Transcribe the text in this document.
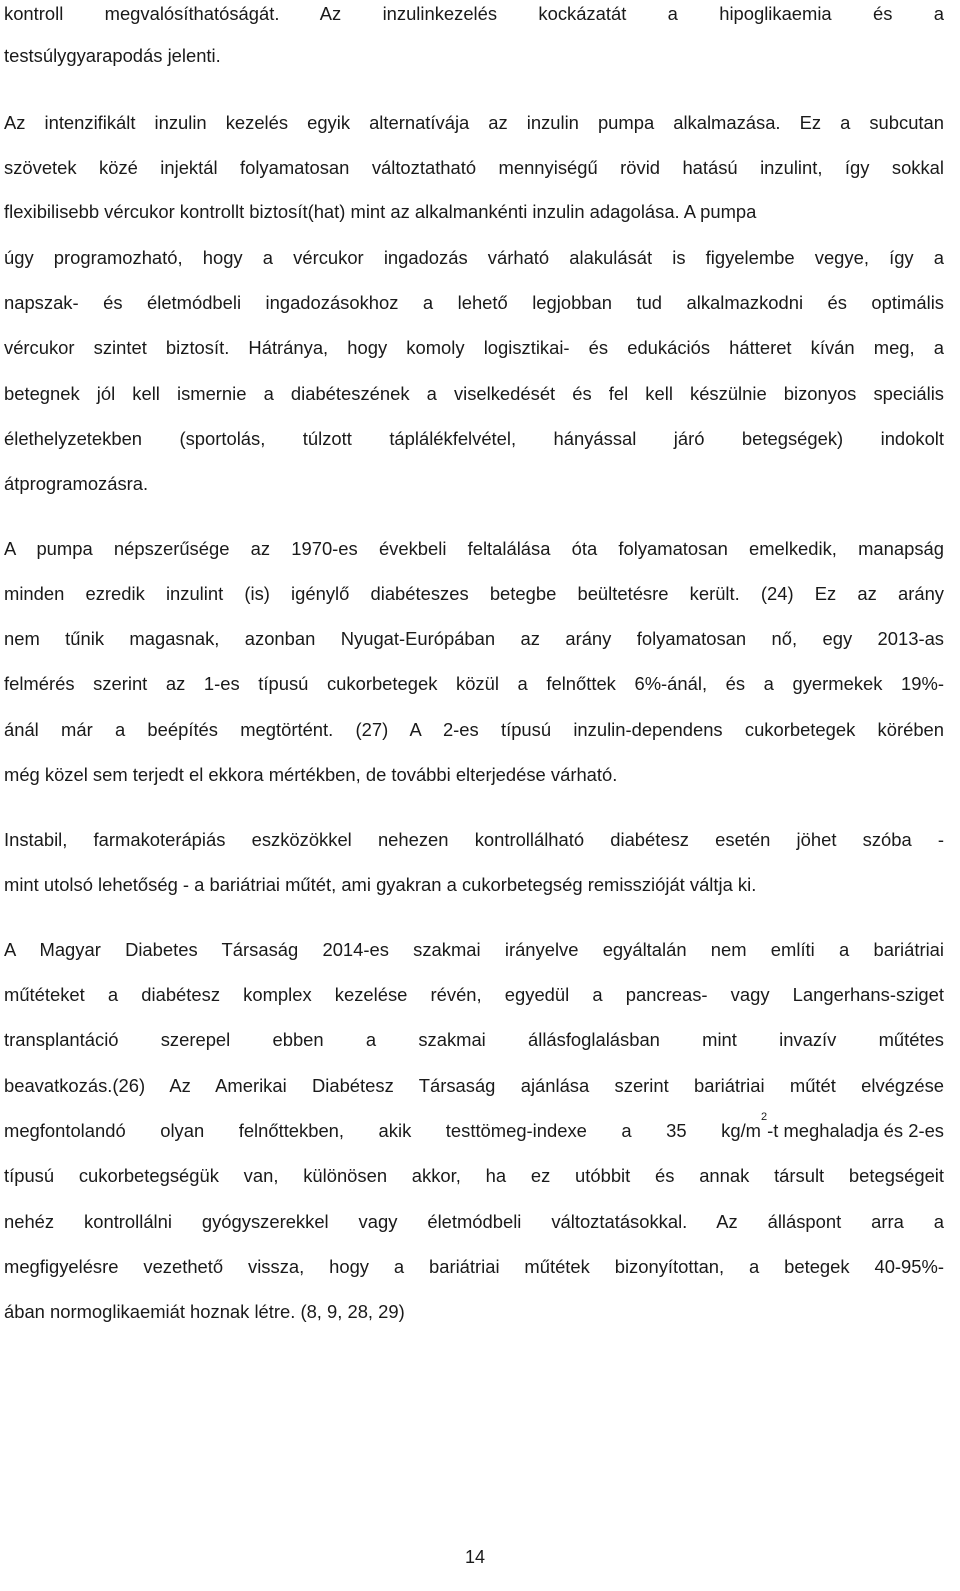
kontroll megvalósíthatóságát. Az inzulinkezelés kockázatát a hipoglikaemia és a
testsúlygyarapodás jelenti.
Az intenzifikált inzulin kezelés egyik alternatívája az inzulin pumpa alkalmazása. Ez a subcutan
szövetek közé injektál folyamatosan változtatható mennyiségű rövid hatású inzulint, így sokkal
flexibilisebb vércukor kontrollt biztosít(hat) mint az alkalmankénti inzulin adagolása. A pumpa
úgy programozható, hogy a vércukor ingadozás várható alakulását is figyelembe vegye, így a
napszak- és életmódbeli ingadozásokhoz a lehető legjobban tud alkalmazkodni és optimális
vércukor szintet biztosít. Hátránya, hogy komoly logisztikai- és edukációs hátteret kíván meg, a
betegnek jól kell ismernie a diabéteszének a viselkedését és fel kell készülnie bizonyos speciális
élethelyzetekben (sportolás, túlzott táplálékfelvétel, hányással járó betegségek) indokolt
átprogramozásra.
A pumpa népszerűsége az 1970-es évekbeli feltalálása óta folyamatosan emelkedik, manapság
minden ezredik inzulint (is) igénylő diabéteszes betegbe beültetésre került. (24) Ez az arány
nem tűnik magasnak, azonban Nyugat-Európában az arány folyamatosan nő, egy 2013-as
felmérés szerint az 1-es típusú cukorbetegek közül a felnőttek 6%-ánál, és a gyermekek 19%-
ánál már a beépítés megtörtént. (27) A 2-es típusú inzulin-dependens cukorbetegek körében
még közel sem terjedt el ekkora mértékben, de további elterjedése várható.
Instabil, farmakoterápiás eszközökkel nehezen kontrollálható diabétesz esetén jöhet szóba -
mint utolsó lehetőség - a bariátriai műtét, ami gyakran a cukorbetegség remisszióját váltja ki.
A Magyar Diabetes Társaság 2014-es szakmai irányelve egyáltalán nem említi a bariátriai
műtéteket a diabétesz komplex kezelése révén, egyedül a pancreas- vagy Langerhans-sziget
transplantáció szerepel ebben a szakmai állásfoglalásban mint invazív műtétes
beavatkozás.(26) Az Amerikai Diabétesz Társaság ajánlása szerint bariátriai műtét elvégzése
megfontolandó olyan felnőttekben, akik testtömeg-indexe a 35 kg/m
2
-t meghaladja és 2-es
típusú cukorbetegségük van, különösen akkor, ha ez utóbbit és annak társult betegségeit
nehéz kontrollálni gyógyszerekkel vagy életmódbeli változtatásokkal. Az álláspont arra a
megfigyelésre vezethető vissza, hogy a bariátriai műtétek bizonyítottan, a betegek 40-95%-
ában normoglikaemiát hoznak létre. (8, 9, 28, 29)
14
